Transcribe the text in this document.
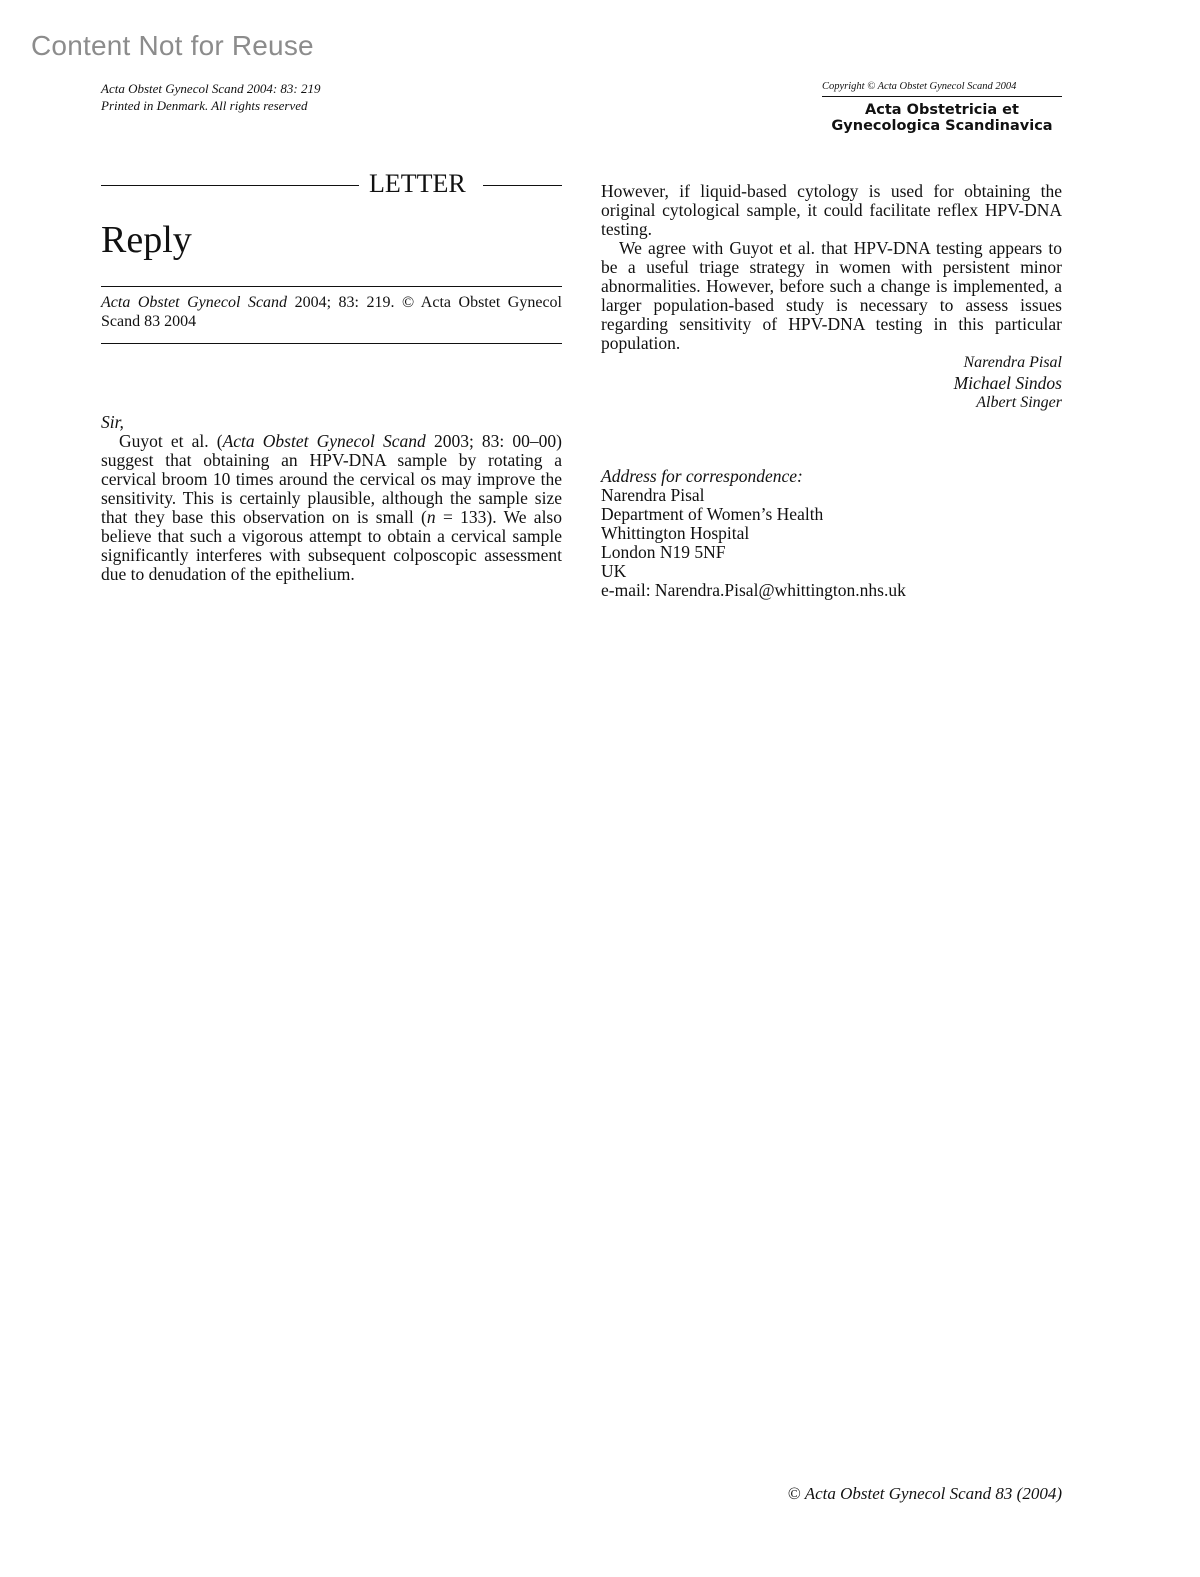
Content Not for Reuse
Acta Obstet Gynecol Scand 2004: 83: 219
Printed in Denmark. All rights reserved
Copyright © Acta Obstet Gynecol Scand 2004
Acta Obstetricia et
Gynecologica Scandinavica
LETTER
Reply
Acta Obstet Gynecol Scand 2004; 83: 219. © Acta Obstet Gynecol Scand 83 2004
Sir,

Guyot et al. (Acta Obstet Gynecol Scand 2003; 83: 00–00) suggest that obtaining an HPV-DNA sample by rotating a cervical broom 10 times around the cervical os may improve the sensitivity. This is certainly plausible, although the sample size that they base this observation on is small (n = 133). We also believe that such a vigorous attempt to obtain a cervical sample significantly interferes with subsequent colposcopic assessment due to denudation of the epithelium.

However, if liquid-based cytology is used for obtaining the original cytological sample, it could facilitate reflex HPV-DNA testing.

We agree with Guyot et al. that HPV-DNA testing appears to be a useful triage strategy in women with persistent minor abnormalities. However, before such a change is implemented, a larger population-based study is necessary to assess issues regarding sensitivity of HPV-DNA testing in this particular population.

Narendra Pisal
Michael Sindos
Albert Singer
Address for correspondence:
Narendra Pisal
Department of Women’s Health
Whittington Hospital
London N19 5NF
UK
e-mail: Narendra.Pisal@whittington.nhs.uk
© Acta Obstet Gynecol Scand 83 (2004)
